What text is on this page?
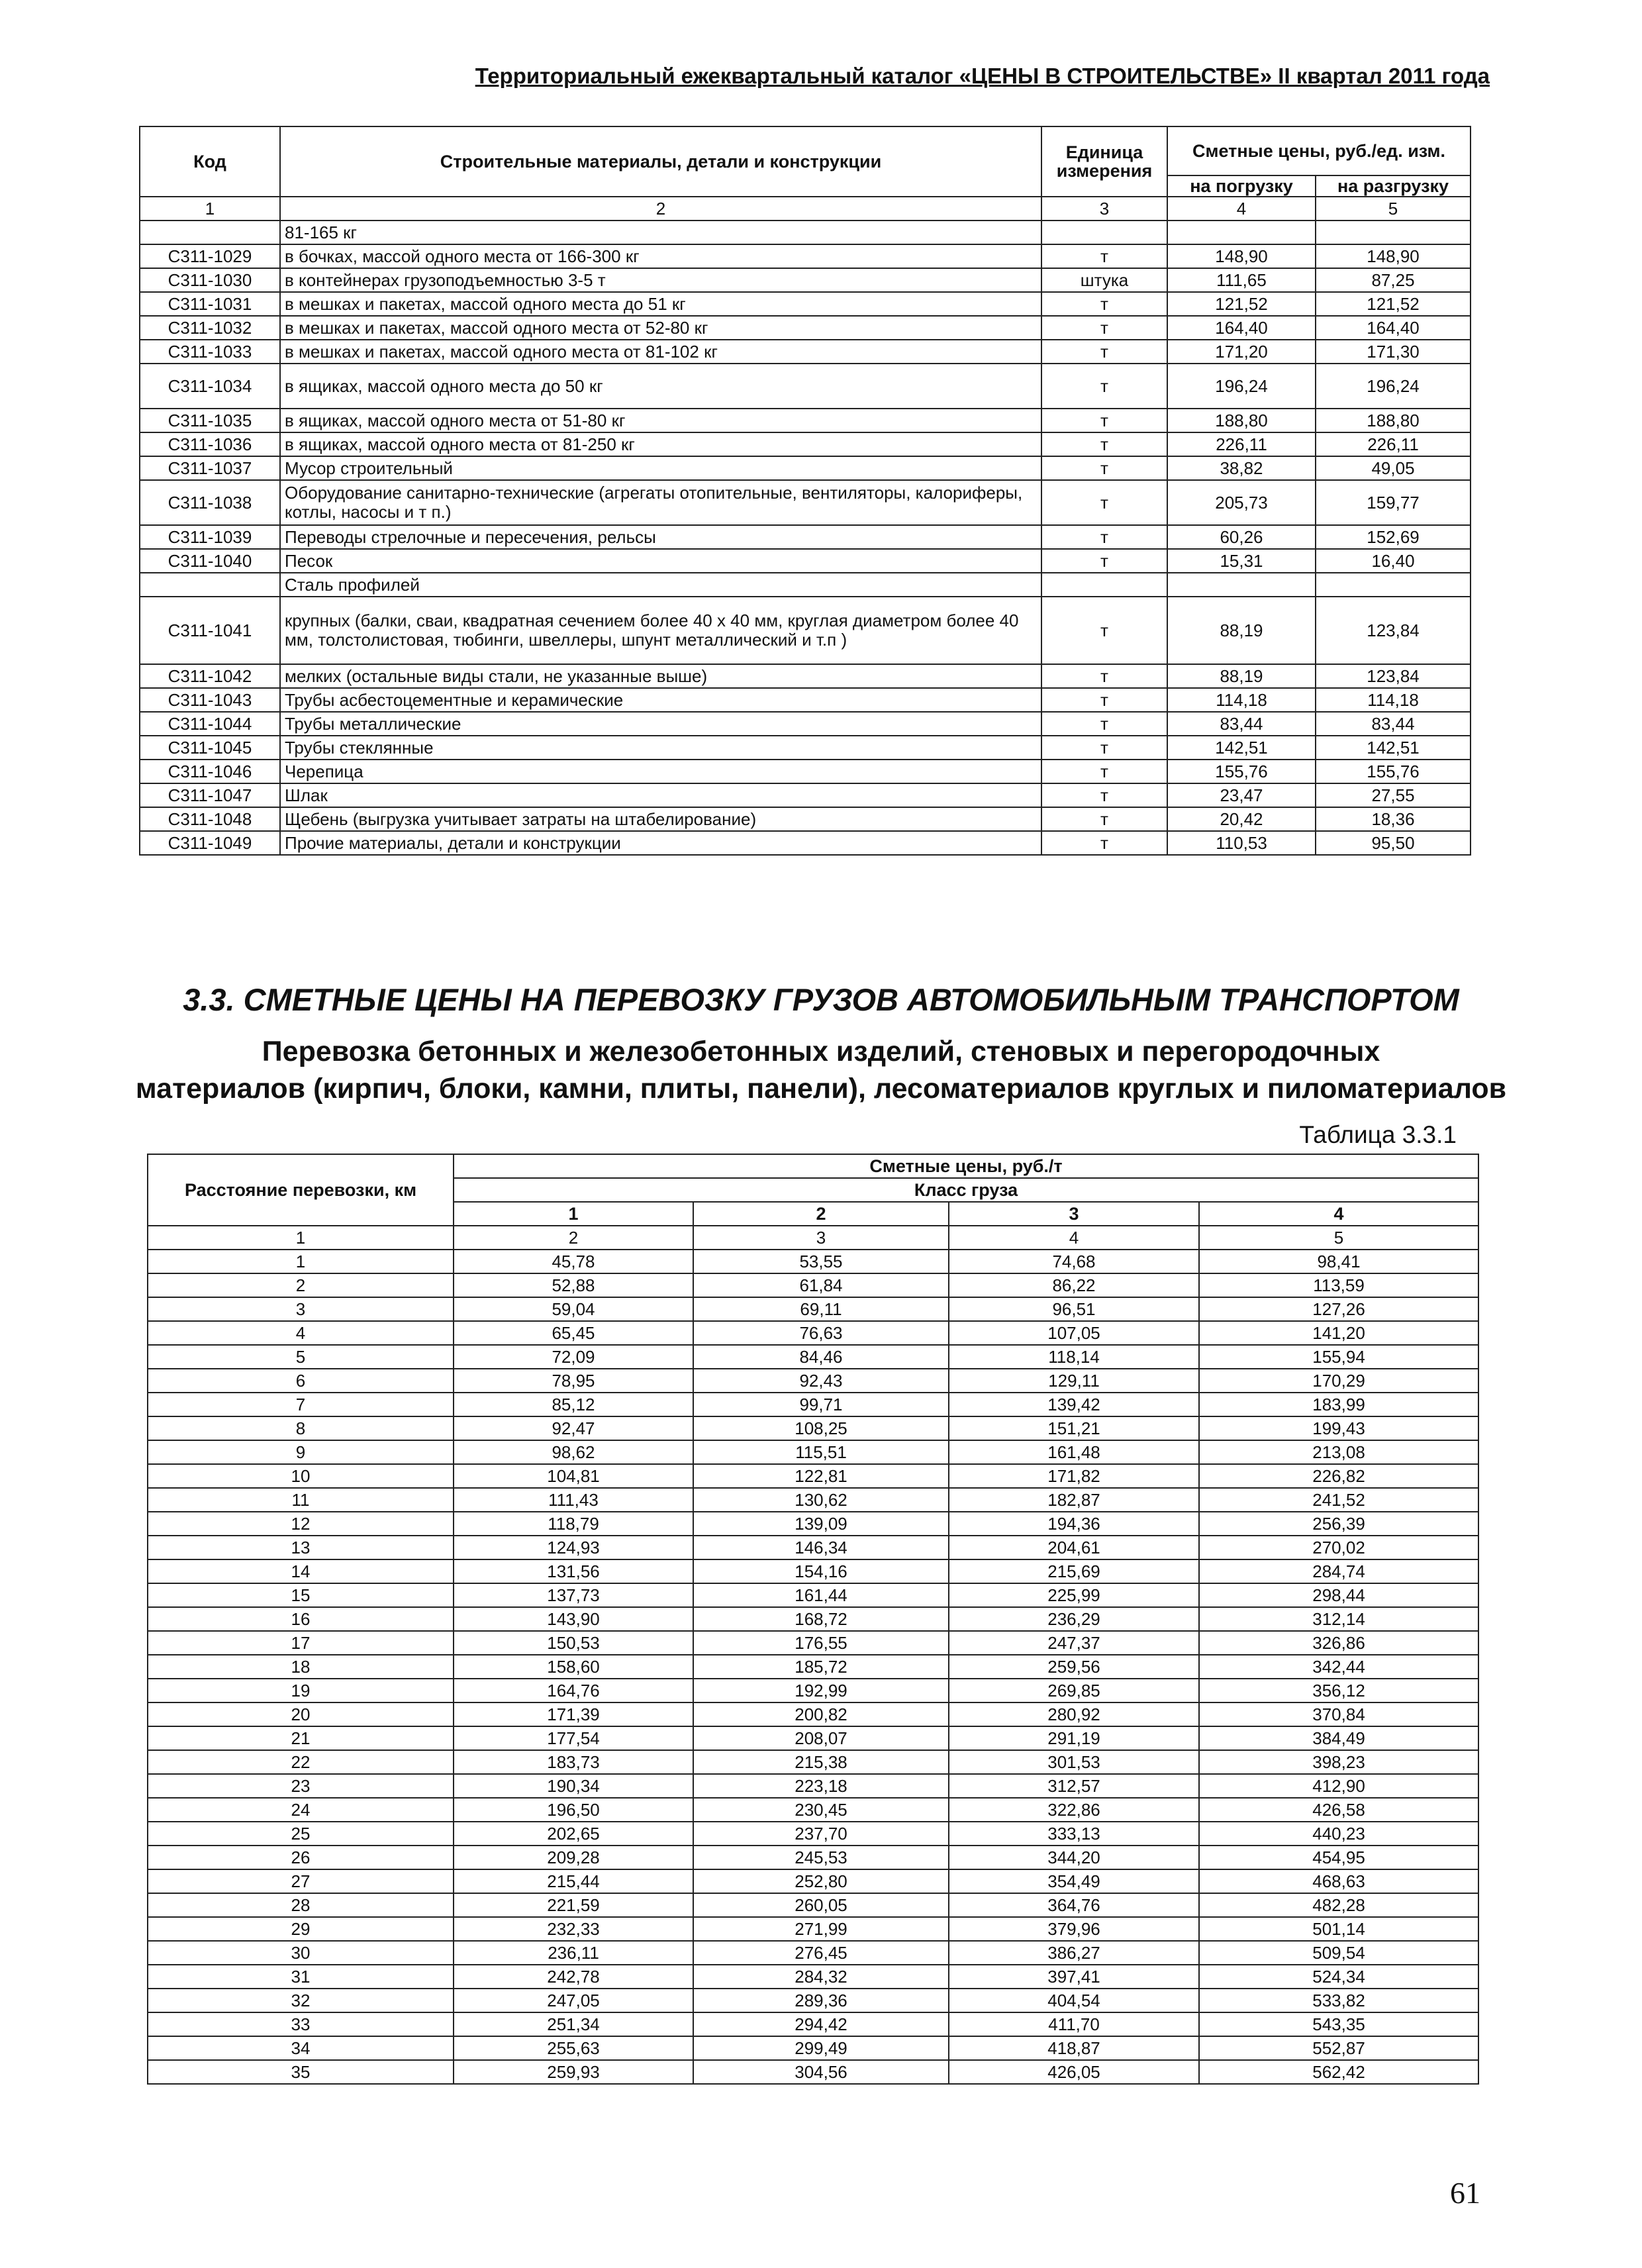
Территориальный ежеквартальный каталог «ЦЕНЫ В СТРОИТЕЛЬСТВЕ» II квартал 2011 года
Код	Строительные материалы, детали и конструкции	Единица измерения	Сметные цены, руб./ед. изм.	
			на погрузку	на разгрузку
1	2	3	4	5
	81-165 кг			
С311-1029	в бочках, массой одного места от 166-300 кг	т	148,90	148,90
С311-1030	в контейнерах грузоподъемностью 3-5 т	штука	111,65	87,25
С311-1031	в мешках и пакетах, массой одного места до 51 кг	т	121,52	121,52
С311-1032	в мешках и пакетах, массой одного места от 52-80 кг	т	164,40	164,40
С311-1033	в мешках и пакетах, массой одного места от 81-102 кг	т	171,20	171,30
С311-1034	в ящиках, массой одного места до 50 кг	т	196,24	196,24
С311-1035	в ящиках, массой одного места от 51-80 кг	т	188,80	188,80
С311-1036	в ящиках, массой одного места от 81-250 кг	т	226,11	226,11
С311-1037	Мусор строительный	т	38,82	49,05
С311-1038	Оборудование санитарно-технические (агрегаты отопительные, вентиляторы, калориферы, котлы, насосы и т п.)	т	205,73	159,77
С311-1039	Переводы стрелочные и пересечения, рельсы	т	60,26	152,69
С311-1040	Песок	т	15,31	16,40
	Сталь профилей			
С311-1041	крупных (балки, сваи, квадратная сечением более 40 х 40 мм, круглая диаметром более 40 мм, толстолистовая, тюбинги, швеллеры, шпунт металлический и т.п )	т	88,19	123,84
С311-1042	мелких (остальные виды стали, не указанные выше)	т	88,19	123,84
С311-1043	Трубы асбестоцементные и керамические	т	114,18	114,18
С311-1044	Трубы металлические	т	83,44	83,44
С311-1045	Трубы стеклянные	т	142,51	142,51
С311-1046	Черепица	т	155,76	155,76
С311-1047	Шлак	т	23,47	27,55
С311-1048	Щебень (выгрузка учитывает затраты на штабелирование)	т	20,42	18,36
С311-1049	Прочие материалы, детали и конструкции	т	110,53	95,50
3.3. СМЕТНЫЕ ЦЕНЫ НА ПЕРЕВОЗКУ ГРУЗОВ АВТОМОБИЛЬНЫМ ТРАНСПОРТОМ
Перевозка бетонных и железобетонных изделий, стеновых и перегородочных
материалов (кирпич, блоки, камни, плиты, панели), лесоматериалов круглых и пиломатериалов
Таблица 3.3.1
Расстояние перевозки, км	Сметные цены, руб./т			
	Класс груза			
	1	2	3	4
1	2	3	4	5
1	45,78	53,55	74,68	98,41
2	52,88	61,84	86,22	113,59
3	59,04	69,11	96,51	127,26
4	65,45	76,63	107,05	141,20
5	72,09	84,46	118,14	155,94
6	78,95	92,43	129,11	170,29
7	85,12	99,71	139,42	183,99
8	92,47	108,25	151,21	199,43
9	98,62	115,51	161,48	213,08
10	104,81	122,81	171,82	226,82
11	111,43	130,62	182,87	241,52
12	118,79	139,09	194,36	256,39
13	124,93	146,34	204,61	270,02
14	131,56	154,16	215,69	284,74
15	137,73	161,44	225,99	298,44
16	143,90	168,72	236,29	312,14
17	150,53	176,55	247,37	326,86
18	158,60	185,72	259,56	342,44
19	164,76	192,99	269,85	356,12
20	171,39	200,82	280,92	370,84
21	177,54	208,07	291,19	384,49
22	183,73	215,38	301,53	398,23
23	190,34	223,18	312,57	412,90
24	196,50	230,45	322,86	426,58
25	202,65	237,70	333,13	440,23
26	209,28	245,53	344,20	454,95
27	215,44	252,80	354,49	468,63
28	221,59	260,05	364,76	482,28
29	232,33	271,99	379,96	501,14
30	236,11	276,45	386,27	509,54
31	242,78	284,32	397,41	524,34
32	247,05	289,36	404,54	533,82
33	251,34	294,42	411,70	543,35
34	255,63	299,49	418,87	552,87
35	259,93	304,56	426,05	562,42
61
